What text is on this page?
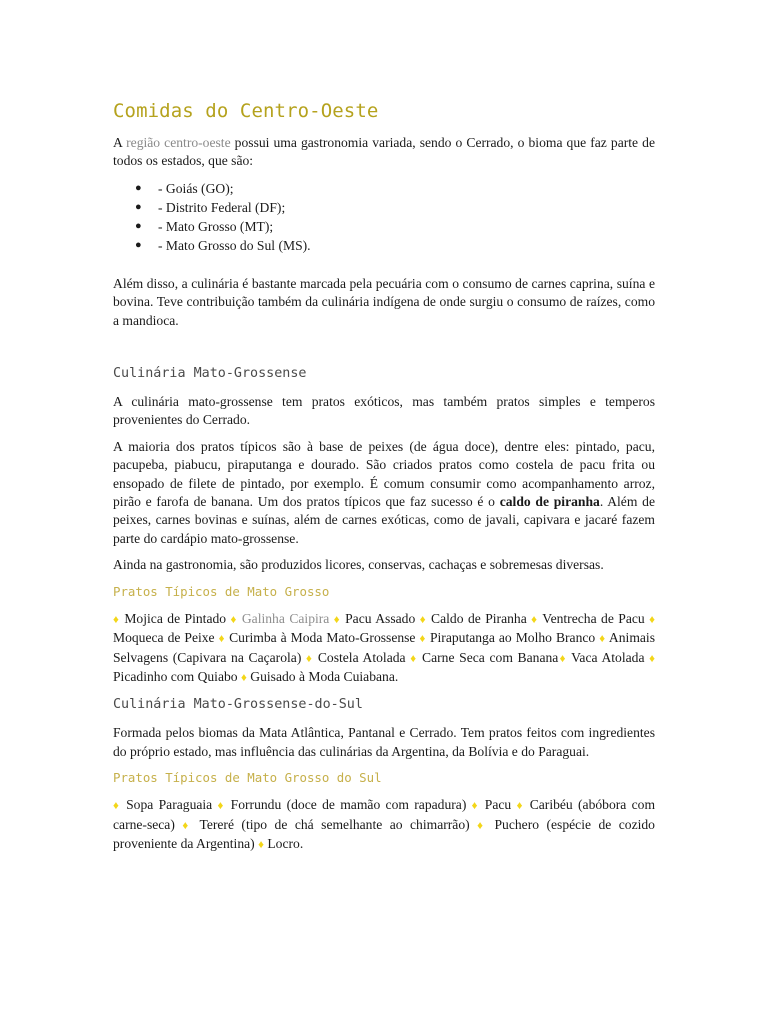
Comidas do Centro-Oeste

A região centro-oeste possui uma gastronomia variada, sendo o Cerrado, o bioma que faz parte de todos os estados, que são:

● - Goiás (GO);
● - Distrito Federal (DF);
● - Mato Grosso (MT);
● - Mato Grosso do Sul (MS).

Além disso, a culinária é bastante marcada pela pecuária com o consumo de carnes caprina, suína e bovina. Teve contribuição também da culinária indígena de onde surgiu o consumo de raízes, como a mandioca.

Culinária Mato-Grossense

A culinária mato-grossense tem pratos exóticos, mas também pratos simples e temperos provenientes do Cerrado.

A maioria dos pratos típicos são à base de peixes (de água doce), dentre eles: pintado, pacu, pacupeba, piabucu, piraputanga e dourado. São criados pratos como costela de pacu frita ou ensopado de filete de pintado, por exemplo. É comum consumir como acompanhamento arroz, pirão e farofa de banana. Um dos pratos típicos que faz sucesso é o caldo de piranha. Além de peixes, carnes bovinas e suínas, além de carnes exóticas, como de javali, capivara e jacaré fazem parte do cardápio mato-grossense.

Ainda na gastronomia, são produzidos licores, conservas, cachaças e sobremesas diversas.

Pratos Típicos de Mato Grosso

♦ Mojica de Pintado ♦ Galinha Caipira ♦ Pacu Assado ♦ Caldo de Piranha ♦ Ventrecha de Pacu ♦ Moqueca de Peixe ♦ Curimba à Moda Mato-Grossense ♦ Piraputanga ao Molho Branco ♦ Animais Selvagens (Capivara na Caçarola) ♦ Costela Atolada ♦ Carne Seca com Banana♦ Vaca Atolada ♦ Picadinho com Quiabo ♦ Guisado à Moda Cuiabana.

Culinária Mato-Grossense-do-Sul

Formada pelos biomas da Mata Atlântica, Pantanal e Cerrado. Tem pratos feitos com ingredientes do próprio estado, mas influência das culinárias da Argentina, da Bolívia e do Paraguai.

Pratos Típicos de Mato Grosso do Sul

♦ Sopa Paraguaia ♦ Forrundu (doce de mamão com rapadura) ♦ Pacu ♦ Caribéu (abóbora com carne-seca) ♦ Tereré (tipo de chá semelhante ao chimarrão) ♦ Puchero (espécie de cozido proveniente da Argentina) ♦ Locro.
